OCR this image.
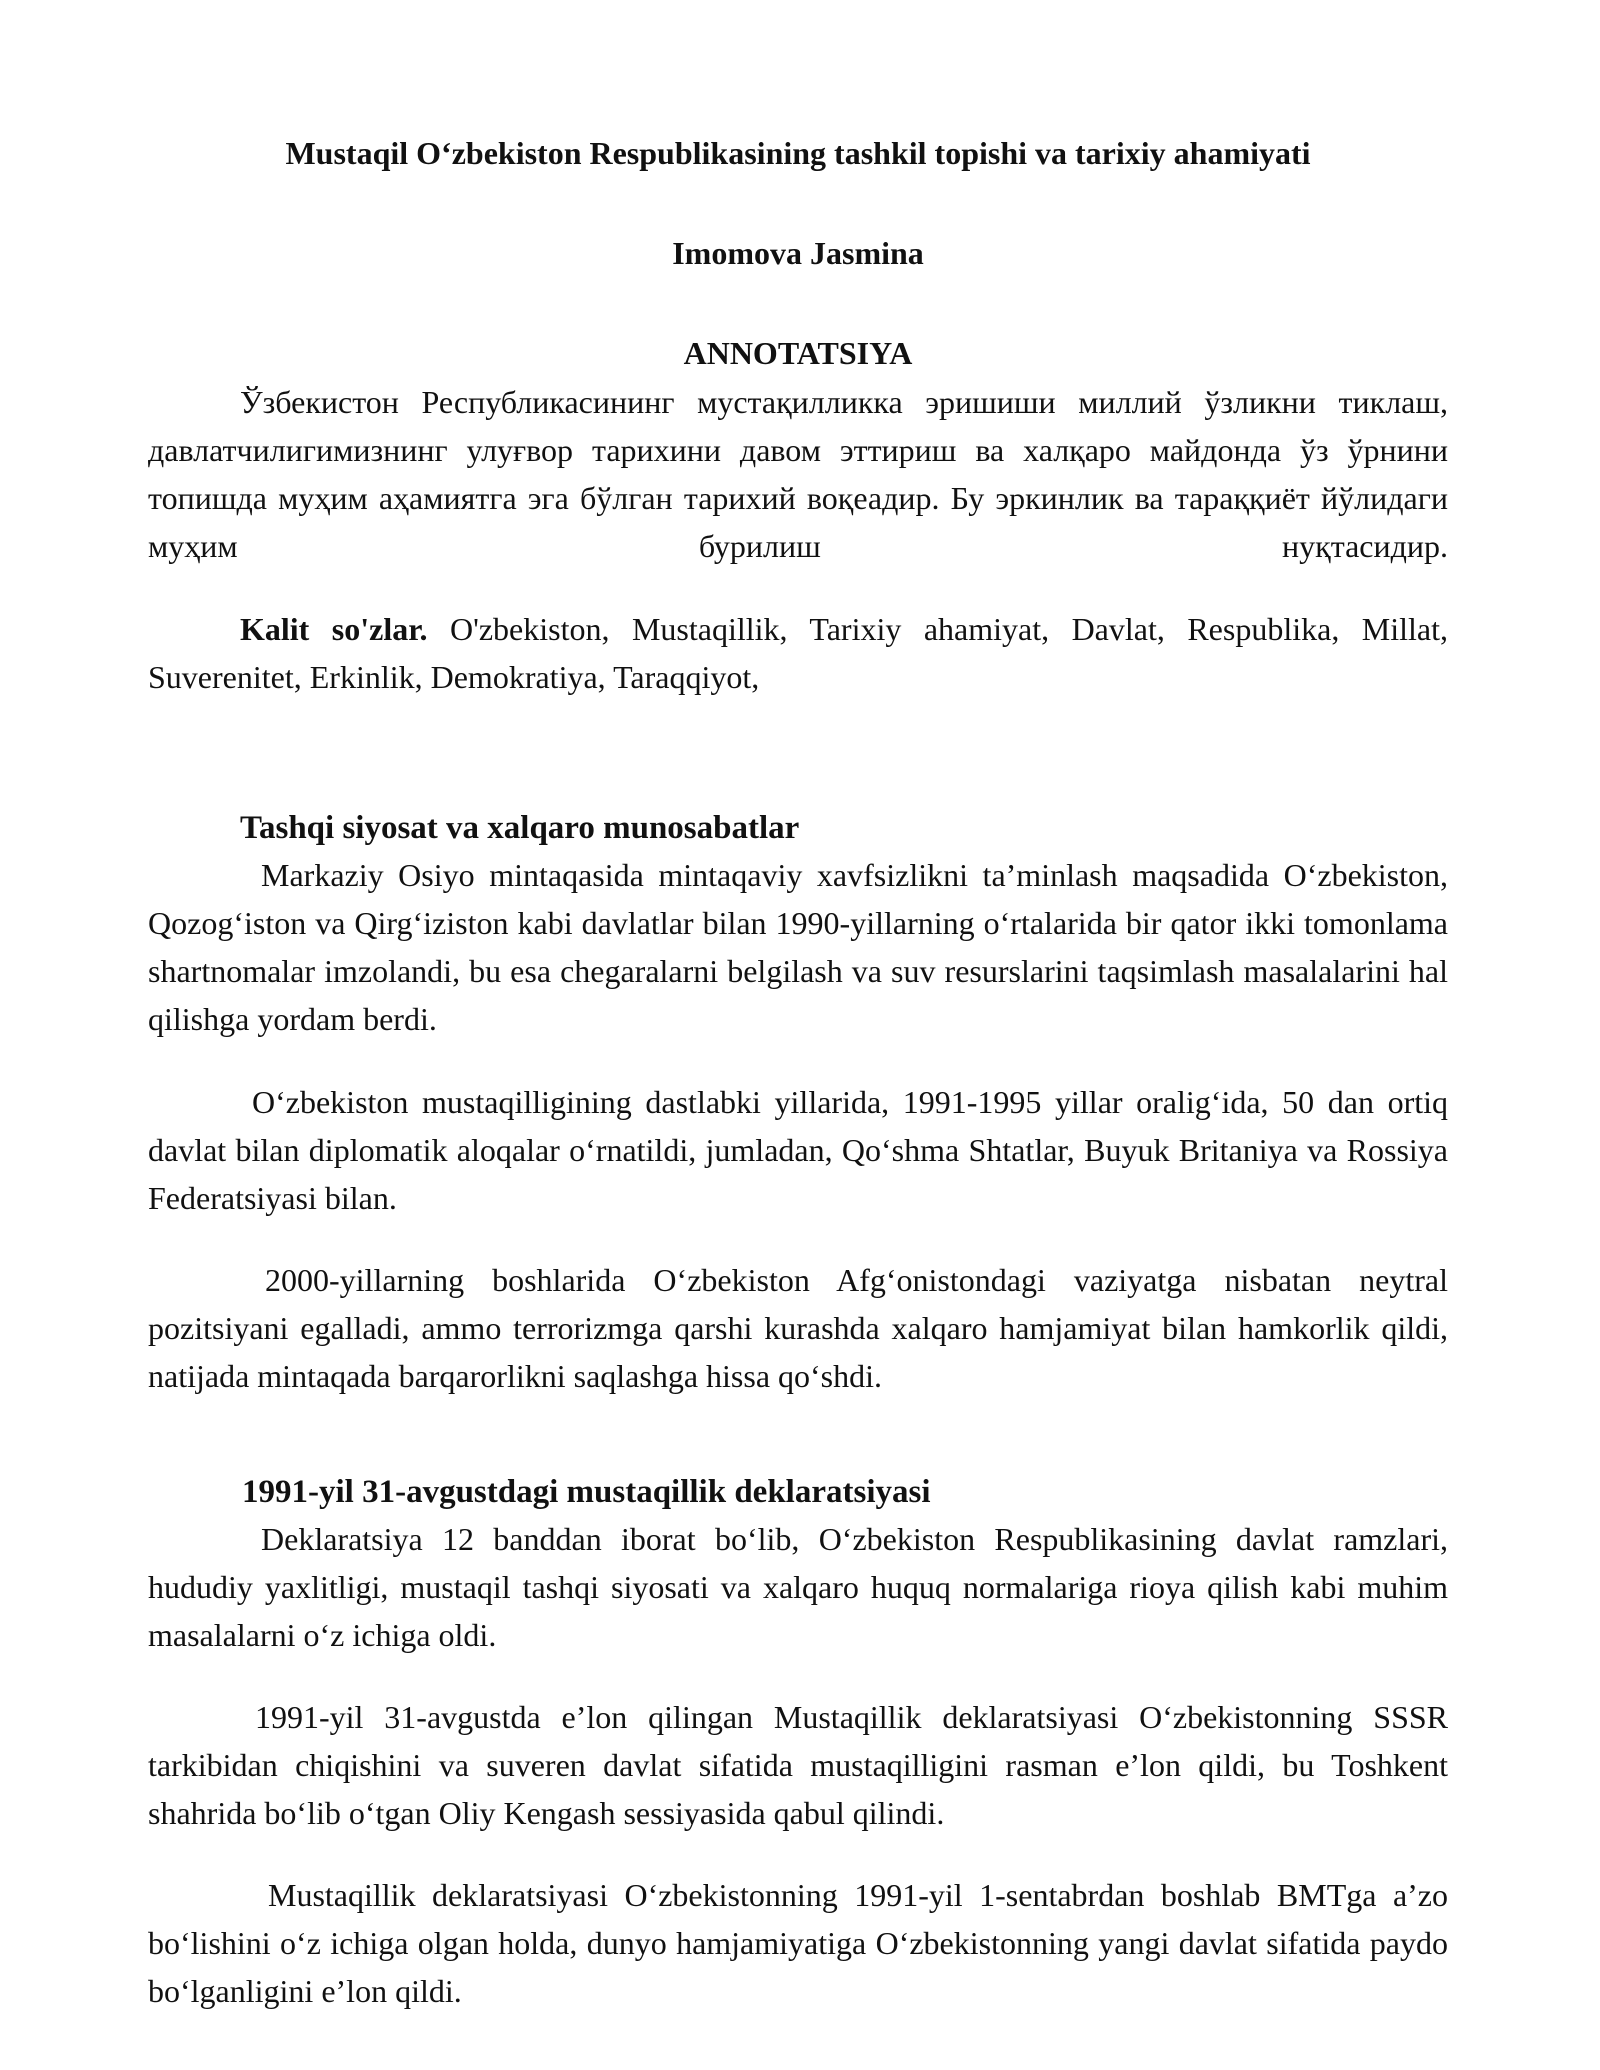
Mustaqil O‘zbekiston Respublikasining tashkil topishi va tarixiy ahamiyati
Imomova Jasmina
ANNOTATSIYA

Ўзбекистон Республикасининг мустақилликка эришиши миллий ўзликни тиклаш, давлатчилигимизнинг улуғвор тарихини давом эттириш ва халқаро майдонда ўз ўрнини топишда муҳим аҳамиятга эга бўлган тарихий воқеадир. Бу эркинлик ва тараққиёт йўлидаги муҳим бурилиш нуқтасидир.

Kalit so'zlar. O'zbekiston, Mustaqillik, Tarixiy ahamiyat, Davlat, Respublika, Millat, Suverenitet, Erkinlik, Demokratiya, Taraqqiyot,

Tashqi siyosat va xalqaro munosabatlar

Markaziy Osiyo mintaqasida mintaqaviy xavfsizlikni ta’minlash maqsadida O‘zbekiston, Qozog‘iston va Qirg‘iziston kabi davlatlar bilan 1990-yillarning o‘rtalarida bir qator ikki tomonlama shartnomalar imzolandi, bu esa chegaralarni belgilash va suv resurslarini taqsimlash masalalarini hal qilishga yordam berdi.

O‘zbekiston mustaqilligining dastlabki yillarida, 1991-1995 yillar oralig‘ida, 50 dan ortiq davlat bilan diplomatik aloqalar o‘rnatildi, jumladan, Qo‘shma Shtatlar, Buyuk Britaniya va Rossiya Federatsiyasi bilan.

2000-yillarning boshlarida O‘zbekiston Afg‘onistondagi vaziyatga nisbatan neytral pozitsiyani egalladi, ammo terrorizmga qarshi kurashda xalqaro hamjamiyat bilan hamkorlik qildi, natijada mintaqada barqarorlikni saqlashga hissa qo‘shdi.

1991-yil 31-avgustdagi mustaqillik deklaratsiyasi

Deklaratsiya 12 banddan iborat bo‘lib, O‘zbekiston Respublikasining davlat ramzlari, hududiy yaxlitligi, mustaqil tashqi siyosati va xalqaro huquq normalariga rioya qilish kabi muhim masalalarni o‘z ichiga oldi.

1991-yil 31-avgustda e’lon qilingan Mustaqillik deklaratsiyasi O‘zbekistonning SSSR tarkibidan chiqishini va suveren davlat sifatida mustaqilligini rasman e’lon qildi, bu Toshkent shahrida bo‘lib o‘tgan Oliy Kengash sessiyasida qabul qilindi.

Mustaqillik deklaratsiyasi O‘zbekistonning 1991-yil 1-sentabrdan boshlab BMTga a’zo bo‘lishini o‘z ichiga olgan holda, dunyo hamjamiyatiga O‘zbekistonning yangi davlat sifatida paydo bo‘lganligini e’lon qildi.
